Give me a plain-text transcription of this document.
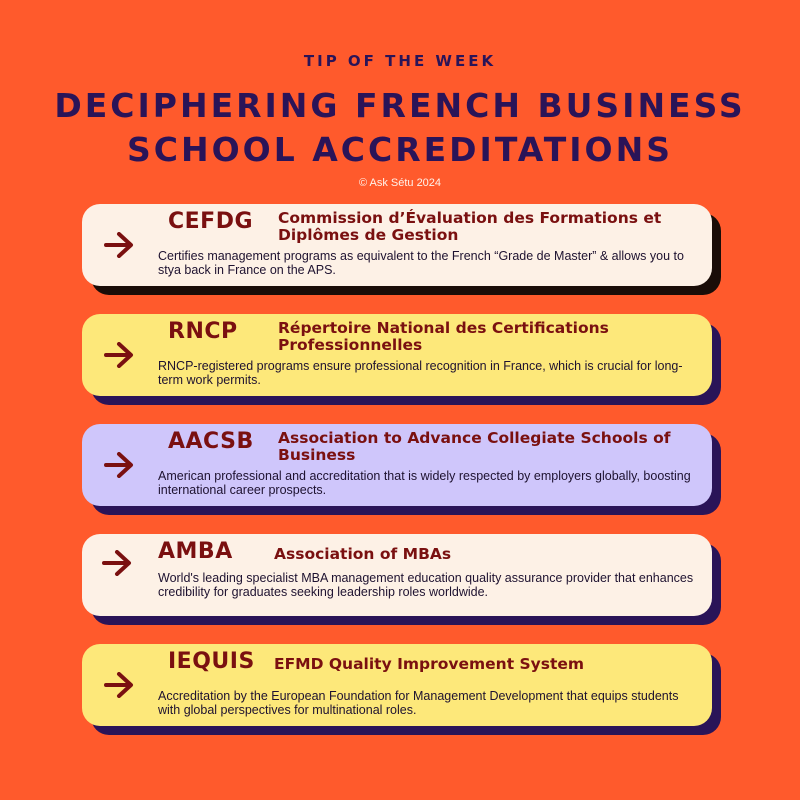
TIP OF THE WEEK
DECIPHERING FRENCH BUSINESS
SCHOOL ACCREDITATIONS
© Ask Sétu 2024
CEFDG Commission d’Évaluation des Formations et Diplômes de Gestion
Certifies management programs as equivalent to the French “Grade de Master” & allows you to stya back in France on the APS.
RNCP	Répertoire National des Certifications Professionnelles
RNCP-registered programs ensure professional recognition in France, which is crucial for long-term work permits.
AACSB Association to Advance Collegiate Schools of Business
American professional and accreditation that is widely respected by employers globally, boosting international career prospects.
AMBA	Association of MBAs
World's leading specialist MBA management education quality assurance provider that enhances credibility for graduates seeking leadership roles worldwide.
IEQUIS EFMD Quality Improvement System
Accreditation by the European Foundation for Management Development that equips students with global perspectives for multinational roles.
